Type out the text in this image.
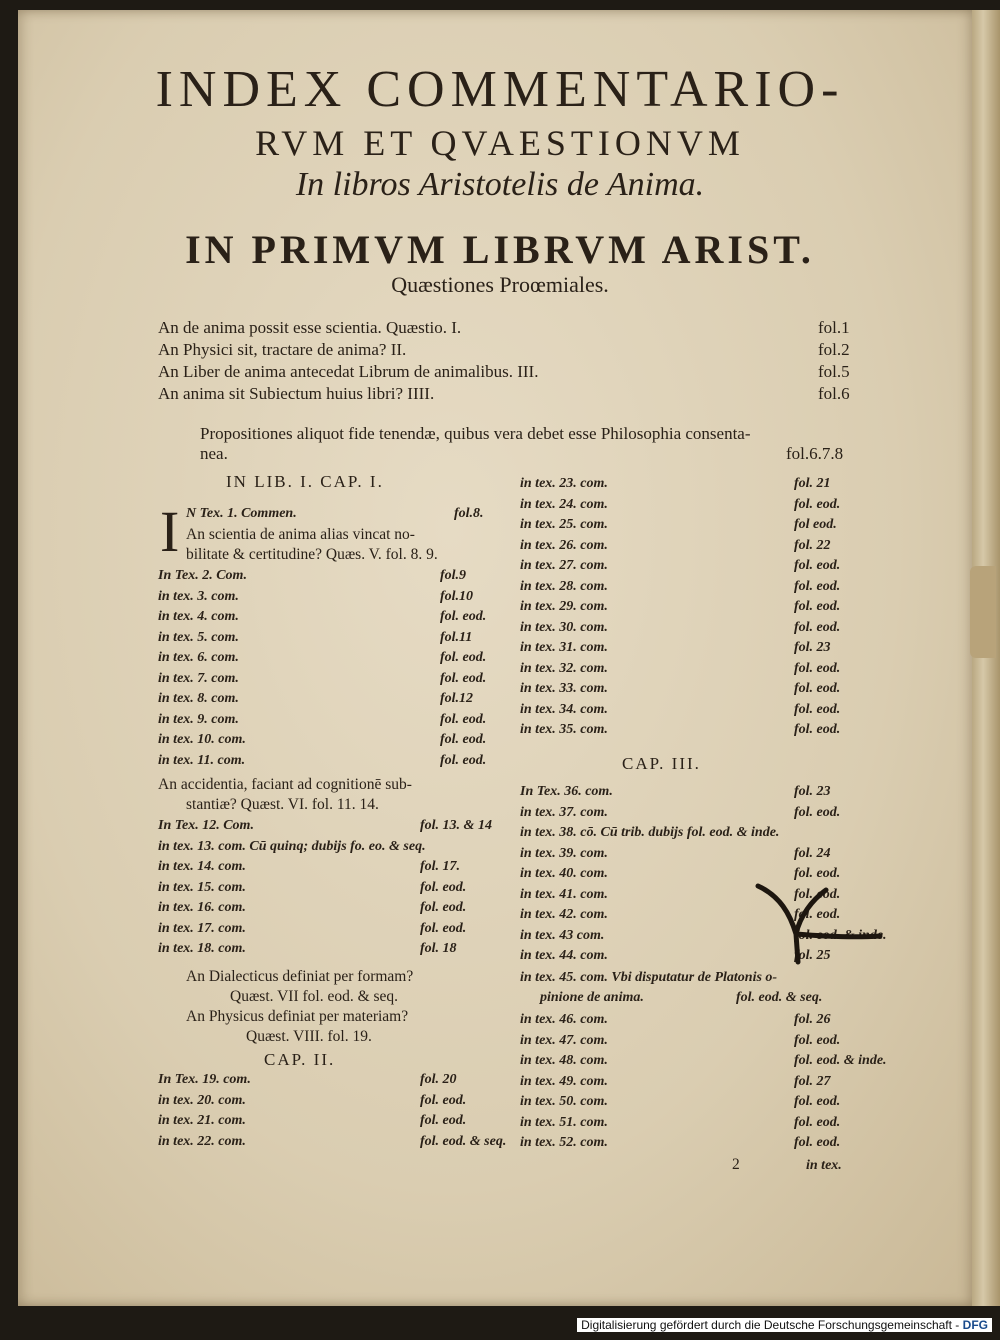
INDEX COMMENTARIO-
RVM ET QVAESTIONVM
In libros Aristotelis de Anima.
IN PRIMVM LIBRVM ARIST.
Quæstiones Proœmiales.
An de anima possit esse scientia. Quæstio. I.	fol.1
An Physici sit, tractare de anima? II.	fol.2
An Liber de anima antecedat Librum de animalibus. III.	fol.5
An anima sit Subiectum huius libri? IIII.	fol.6
Propositiones aliquot fide tenendæ, quibus vera debet esse Philosophia consenta-
nea.	fol.6.7.8
IN LIB. I. CAP. I.
I N Tex. 1. Commen.	fol.8.
An scientia de anima alias vincat no-
bilitate & certitudine? Quæs. V. fol. 8. 9.
In Tex. 2. Com.	fol.9
in tex. 3. com.	fol.10
in tex. 4. com.	fol. eod.
in tex. 5. com.	fol.11
in tex. 6. com.	fol. eod.
in tex. 7. com.	fol. eod.
in tex. 8. com.	fol.12
in tex. 9. com.	fol. eod.
in tex. 10. com.	fol. eod.
in tex. 11. com.	fol. eod.
An accidentia, faciant ad cognitionē sub-
stantiæ? Quæst. VI. fol. 11. 14.
In Tex. 12. Com.	fol. 13. & 14
in tex. 13. com. Cū quinq; dubijs fo. eo. & seq.
in tex. 14. com.	fol. 17.
in tex. 15. com.	fol. eod.
in tex. 16. com.	fol. eod.
in tex. 17. com.	fol. eod.
in tex. 18. com.	fol. 18
An Dialecticus definiat per formam?
Quæst. VII fol. eod. & seq.
An Physicus definiat per materiam?
Quæst. VIII. fol. 19.
CAP. II.
In Tex. 19. com.	fol. 20
in tex. 20. com.	fol. eod.
in tex. 21. com.	fol. eod.
in tex. 22. com.	fol. eod. & seq.
in tex. 23. com.	fol. 21
in tex. 24. com.	fol. eod.
in tex. 25. com.	fol eod.
in tex. 26. com.	fol. 22
in tex. 27. com.	fol. eod.
in tex. 28. com.	fol. eod.
in tex. 29. com.	fol. eod.
in tex. 30. com.	fol. eod.
in tex. 31. com.	fol. 23
in tex. 32. com.	fol. eod.
in tex. 33. com.	fol. eod.
in tex. 34. com.	fol. eod.
in tex. 35. com.	fol. eod.
CAP. III.
In Tex. 36. com.	fol. 23
in tex. 37. com.	fol. eod.
in tex. 38. cō. Cū trib. dubijs fol. eod. & inde.
in tex. 39. com.	fol. 24
in tex. 40. com.	fol. eod.
in tex. 41. com.	fol. eod.
in tex. 42. com.	fol. eod.
in tex. 43 com.	fol. eod. & inde.
in tex. 44. com.	fol. 25
in tex. 45. com. Vbi disputatur de Platonis o-
pinione de anima.	fol. eod. & seq.
in tex. 46. com.	fol. 26
in tex. 47. com.	fol. eod.
in tex. 48. com.	fol. eod. & inde.
in tex. 49. com.	fol. 27
in tex. 50. com.	fol. eod.
in tex. 51. com.	fol. eod.
in tex. 52. com.	fol. eod.
2	in tex.
Digitalisierung gefördert durch die Deutsche Forschungsgemeinschaft - DFG
